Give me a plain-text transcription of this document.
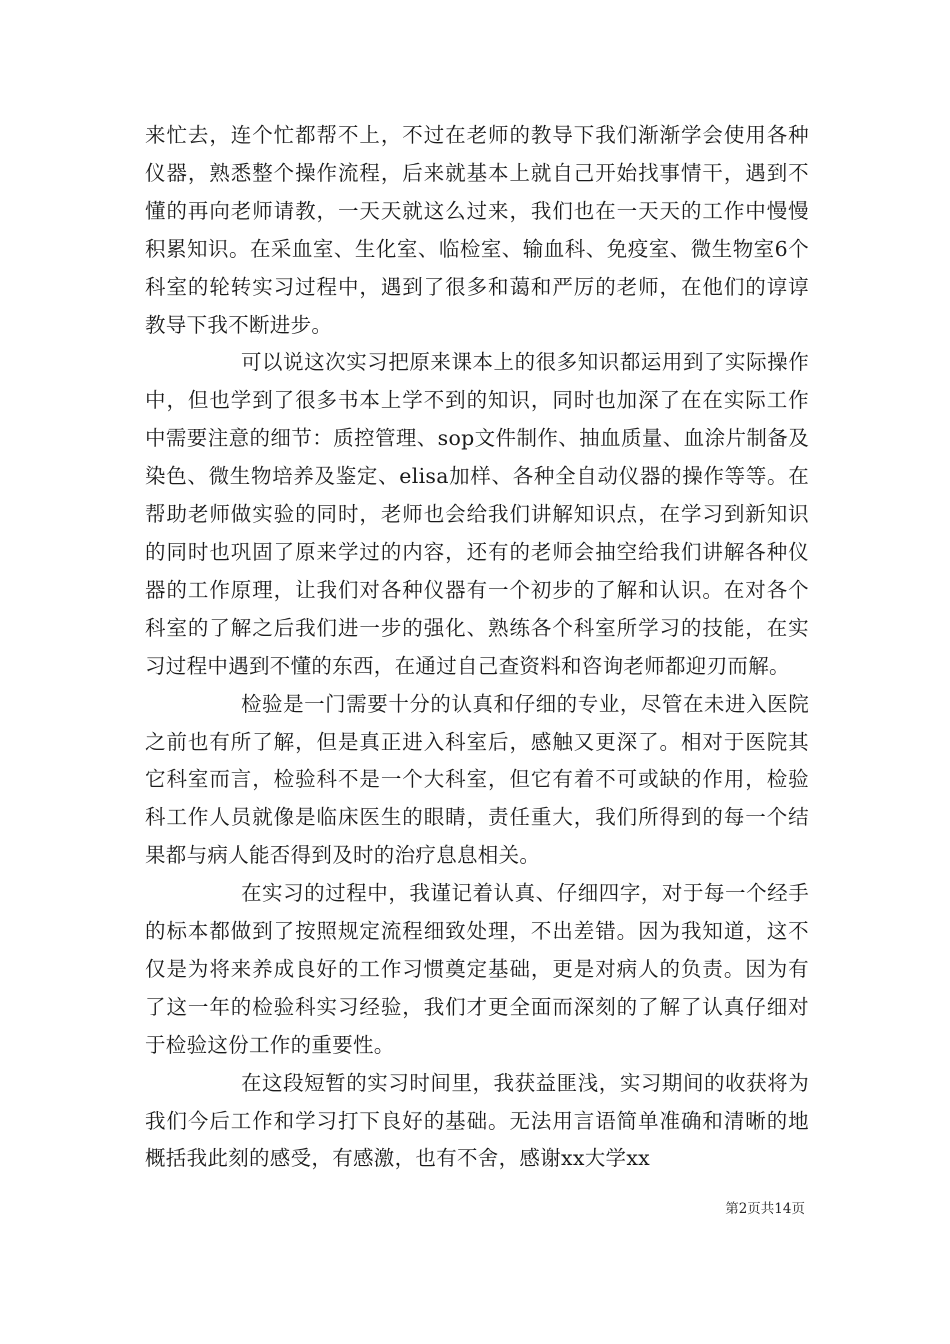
来忙去，连个忙都帮不上，不过在老师的教导下我们渐渐学会使用各种仪器，熟悉整个操作流程，后来就基本上就自己开始找事情干，遇到不懂的再向老师请教，一天天就这么过来，我们也在一天天的工作中慢慢积累知识。在采血室、生化室、临检室、输血科、免疫室、微生物室6个科室的轮转实习过程中，遇到了很多和蔼和严厉的老师，在他们的谆谆教导下我不断进步。

可以说这次实习把原来课本上的很多知识都运用到了实际操作中，但也学到了很多书本上学不到的知识，同时也加深了在在实际工作中需要注意的细节：质控管理、sop文件制作、抽血质量、血涂片制备及染色、微生物培养及鉴定、elisa加样、各种全自动仪器的操作等等。在帮助老师做实验的同时，老师也会给我们讲解知识点，在学习到新知识的同时也巩固了原来学过的内容，还有的老师会抽空给我们讲解各种仪器的工作原理，让我们对各种仪器有一个初步的了解和认识。在对各个科室的了解之后我们进一步的强化、熟练各个科室所学习的技能，在实习过程中遇到不懂的东西，在通过自己查资料和咨询老师都迎刃而解。

检验是一门需要十分的认真和仔细的专业，尽管在未进入医院之前也有所了解，但是真正进入科室后，感触又更深了。相对于医院其它科室而言，检验科不是一个大科室，但它有着不可或缺的作用，检验科工作人员就像是临床医生的眼睛，责任重大，我们所得到的每一个结果都与病人能否得到及时的治疗息息相关。

在实习的过程中，我谨记着认真、仔细四字，对于每一个经手的标本都做到了按照规定流程细致处理，不出差错。因为我知道，这不仅是为将来养成良好的工作习惯奠定基础，更是对病人的负责。因为有了这一年的检验科实习经验，我们才更全面而深刻的了解了认真仔细对于检验这份工作的重要性。

在这段短暂的实习时间里，我获益匪浅，实习期间的收获将为我们今后工作和学习打下良好的基础。无法用言语简单准确和清晰的地概括我此刻的感受，有感激，也有不舍，感谢xx大学xx

第2页共14页
